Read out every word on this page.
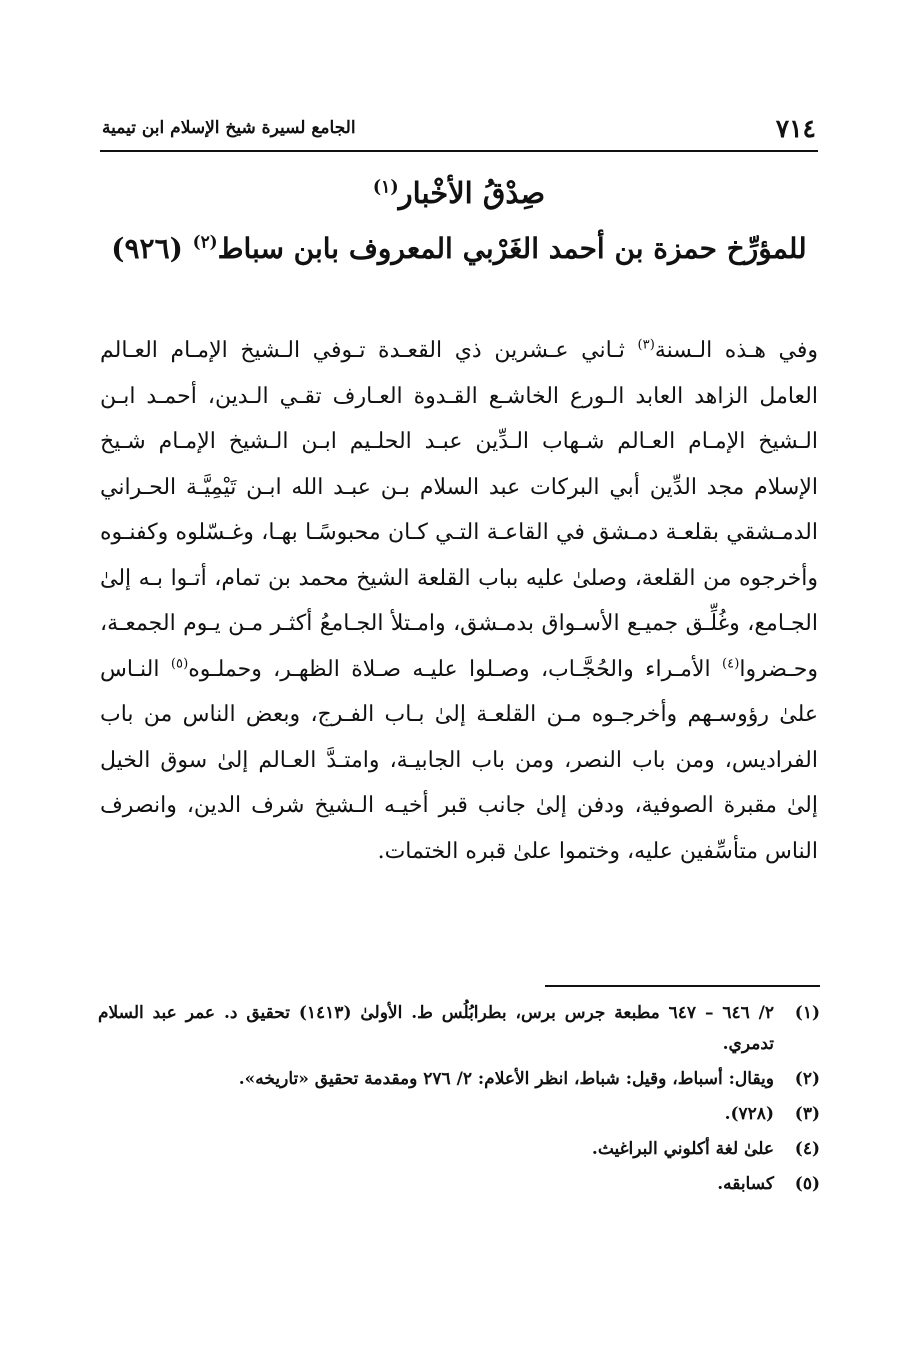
٧١٤
الجامع لسيرة شيخ الإسلام ابن تيمية
صِدْقُ الأخْبار$^{(١)}$
للمؤرِّخ حمزة بن أحمد الغَرْبي المعروف بابن سباط$^{(٢)}$ (٩٢٦)

وفي هـذه الـسنة$^{(٣)}$ ثـاني عـشرين ذي القعـدة تـوفي الـشيخ الإمـام العـالم العامل الزاهد العابد الـورع الخاشـع القـدوة العـارف تقـي الـدين، أحمـد ابـن الـشيخ الإمـام العـالم شـهاب الـدِّين عبـد الحلـيم ابـن الـشيخ الإمـام شـيخ الإسلام مجد الدِّين أبي البركات عبد السلام بـن عبـد الله ابـن تَيْمِيَّـة الحـراني الدمـشقي بقلعـة دمـشق في القاعـة التـي كـان محبوسًـا بهـا، وغـسّلوه وكفنـوه وأخرجوه من القلعة، وصلىٰ عليه بباب القلعة الشيخ محمد بن تمام، أتـوا بـه إلىٰ الجـامع، وغُلِّـق جميـع الأسـواق بدمـشق، وامـتلأ الجـامعُ أكثـر مـن يـوم الجمعـة، وحـضروا$^{(٤)}$ الأمـراء والحُجَّـاب، وصـلوا عليـه صـلاة الظهـر، وحملـوه$^{(٥)}$ النـاس علىٰ رؤوسـهم وأخرجـوه مـن القلعـة إلىٰ بـاب الفـرج، وبعض الناس من باب الفراديس، ومن باب النصر، ومن باب الجابيـة، وامتـدَّ العـالم إلىٰ سوق الخيل إلىٰ مقبرة الصوفية، ودفن إلىٰ جانب قبر أخيـه الـشيخ شرف الدين، وانصرف الناس متأسِّفين عليه، وختموا علىٰ قبره الختمات.

(١)
٢/ ٦٤٦ – ٦٤٧ مطبعة جرس برس، بطرابُلُس ط. الأولىٰ (١٤١٣) تحقيق د. عمر عبد السلام تدمري.
(٢)
ويقال: أسباط، وقيل: شباط، انظر الأعلام: ٢/ ٢٧٦ ومقدمة تحقيق «تاريخه».
(٣)
(٧٢٨).
(٤)
علىٰ لغة أكلوني البراغيث.
(٥)
كسابقه.
